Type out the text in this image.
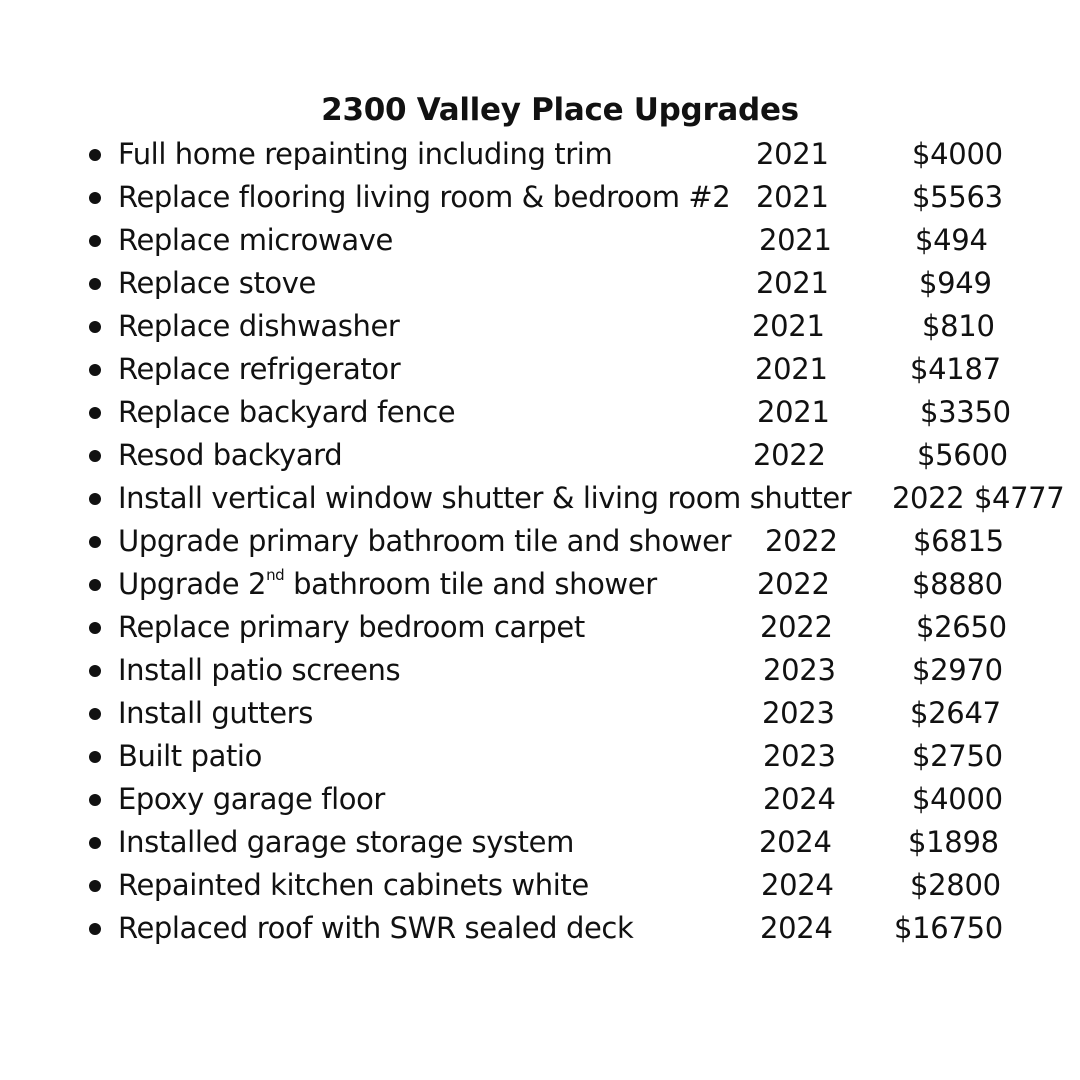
2300 Valley Place Upgrades
Full home repainting including trim	2021	$4000
Replace flooring living room & bedroom #2 2021	$5563
Replace microwave	2021	$494
Replace stove	2021	$949
Replace dishwasher	2021	$810
Replace refrigerator	2021	$4187
Replace backyard fence	2021	$3350
Resod backyard	2022	$5600
Install vertical window shutter & living room shutter 2022 $4777
Upgrade primary bathroom tile and shower 2022	$6815
Upgrade 2nd bathroom tile and shower	2022	$8880
Replace primary bedroom carpet	2022	$2650
Install patio screens	2023	$2970
Install gutters	2023	$2647
Built patio	2023	$2750
Epoxy garage floor	2024	$4000
Installed garage storage system	2024	$1898
Repainted kitchen cabinets white	2024	$2800
Replaced roof with SWR sealed deck	2024 $16750
